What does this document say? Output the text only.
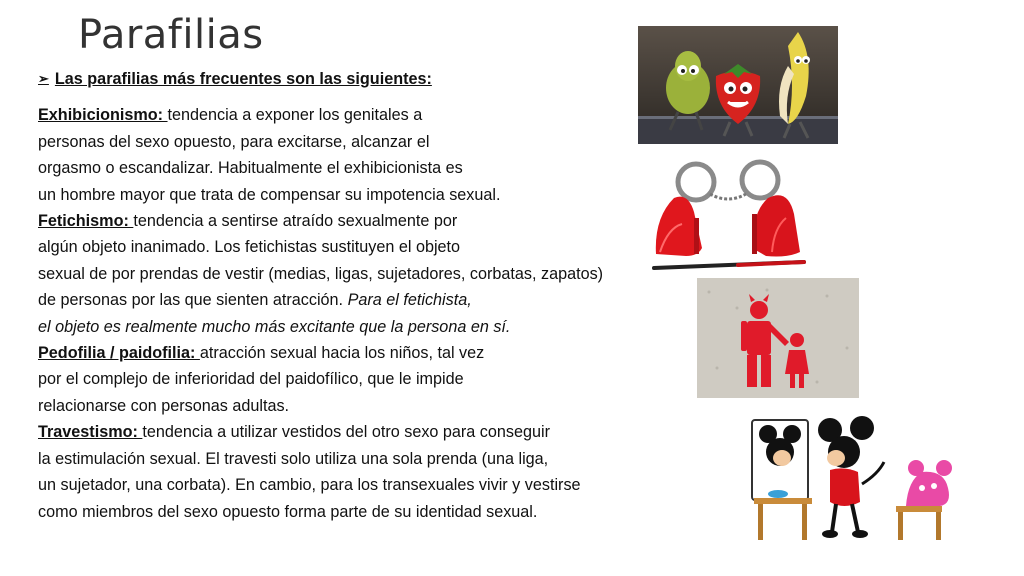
Parafilias
➢ Las parafilias más frecuentes son las siguientes:
Exhibicionismo: tendencia a exponer los genitales a
personas del sexo opuesto, para excitarse, alcanzar el
orgasmo o escandalizar. Habitualmente el exhibicionista es
un hombre mayor que trata de compensar su impotencia sexual.
Fetichismo: tendencia a sentirse atraído sexualmente por
algún objeto inanimado. Los fetichistas sustituyen el objeto
sexual de por prendas de vestir (medias, ligas, sujetadores, corbatas, zapatos)
de personas por las que sienten atracción. Para el fetichista,
el objeto es realmente mucho más excitante que la persona en sí.
Pedofilia / paidofilia: atracción sexual hacia los niños, tal vez
por el complejo de inferioridad del paidofílico, que le impide
relacionarse con personas adultas.
Travestismo: tendencia a utilizar vestidos del otro sexo para conseguir
la estimulación sexual. El travesti solo utiliza una sola prenda (una liga,
un sujetador, una corbata). En cambio, para los transexuales vivir y vestirse
como miembros del sexo opuesto forma parte de su identidad sexual.
